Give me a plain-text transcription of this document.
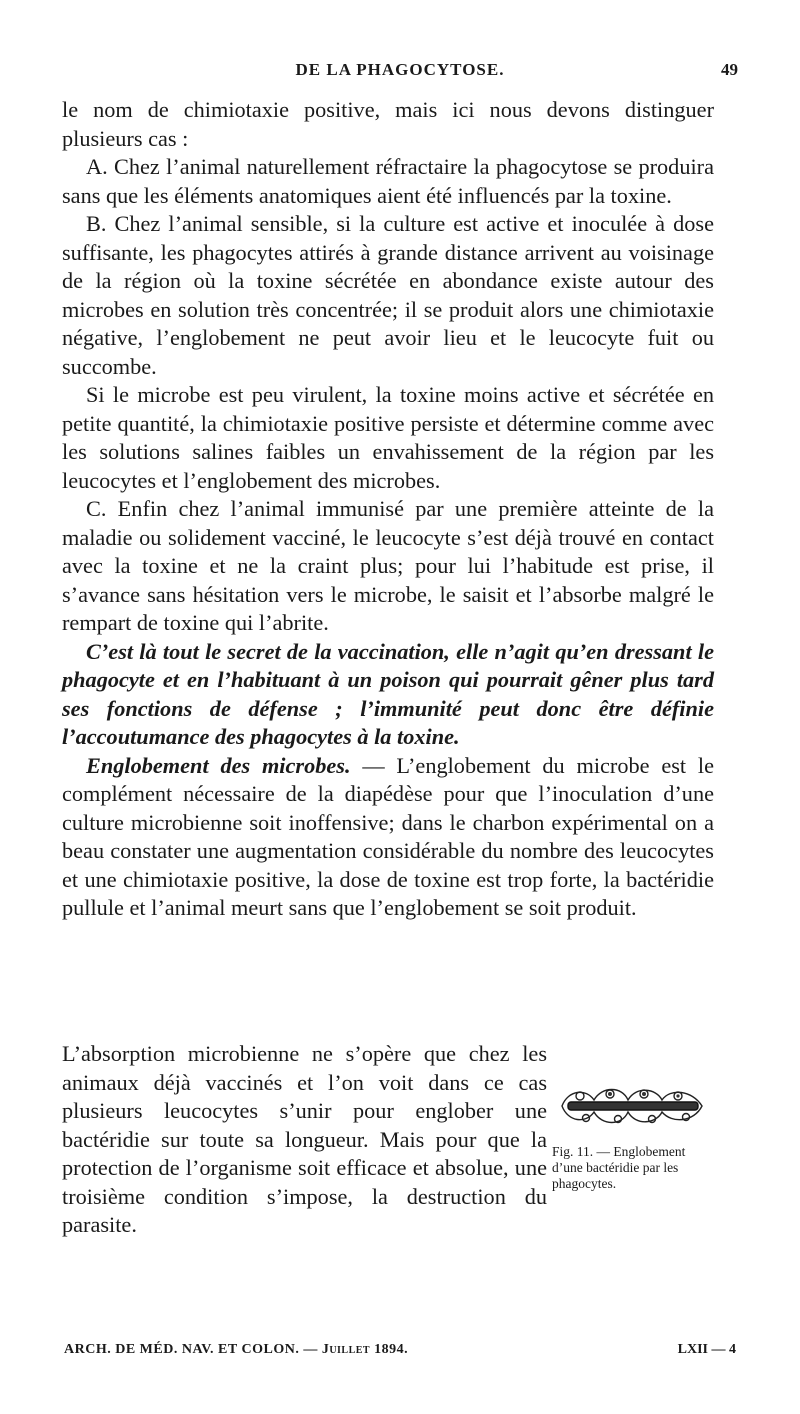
DE LA PHAGOCYTOSE.	49

le nom de chimiotaxie positive, mais ici nous devons distinguer plusieurs cas :

A. Chez l’animal naturellement réfractaire la phagocytose se produira sans que les éléments anatomiques aient été influencés par la toxine.

B. Chez l’animal sensible, si la culture est active et inoculée à dose suffisante, les phagocytes attirés à grande distance arrivent au voisinage de la région où la toxine sécrétée en abondance existe autour des microbes en solution très concentrée; il se produit alors une chimiotaxie négative, l’englobement ne peut avoir lieu et le leucocyte fuit ou succombe.

Si le microbe est peu virulent, la toxine moins active et sécrétée en petite quantité, la chimiotaxie positive persiste et détermine comme avec les solutions salines faibles un envahissement de la région par les leucocytes et l’englobement des microbes.

C. Enfin chez l’animal immunisé par une première atteinte de la maladie ou solidement vacciné, le leucocyte s’est déjà trouvé en contact avec la toxine et ne la craint plus; pour lui l’habitude est prise, il s’avance sans hésitation vers le microbe, le saisit et l’absorbe malgré le rempart de toxine qui l’abrite.

C’est là tout le secret de la vaccination, elle n’agit qu’en dressant le phagocyte et en l’habituant à un poison qui pourrait gêner plus tard ses fonctions de défense ; l’immunité peut donc être définie l’accoutumance des phagocytes à la toxine.

Englobement des microbes. — L’englobement du microbe est le complément nécessaire de la diapédèse pour que l’inoculation d’une culture microbienne soit inoffensive; dans le charbon expérimental on a beau constater une augmentation considérable du nombre des leucocytes et une chimiotaxie positive, la dose de toxine est trop forte, la bactéridie pullule et l’animal meurt sans que l’englobement se soit produit.

L’absorption microbienne ne s’opère que chez les animaux déjà vaccinés et l’on voit dans ce cas plusieurs leucocytes s’unir pour englober une bactéridie sur toute sa longueur. Mais pour que la protection de l’organisme soit efficace et absolue, une troisième condition s’impose, la destruction du parasite.

Fig. 11. — Englobement d’une bactéridie par les phagocytes.
ARCH. DE MÉD. NAV. ET COLON. — Juillet 1894.	LXII — 4
